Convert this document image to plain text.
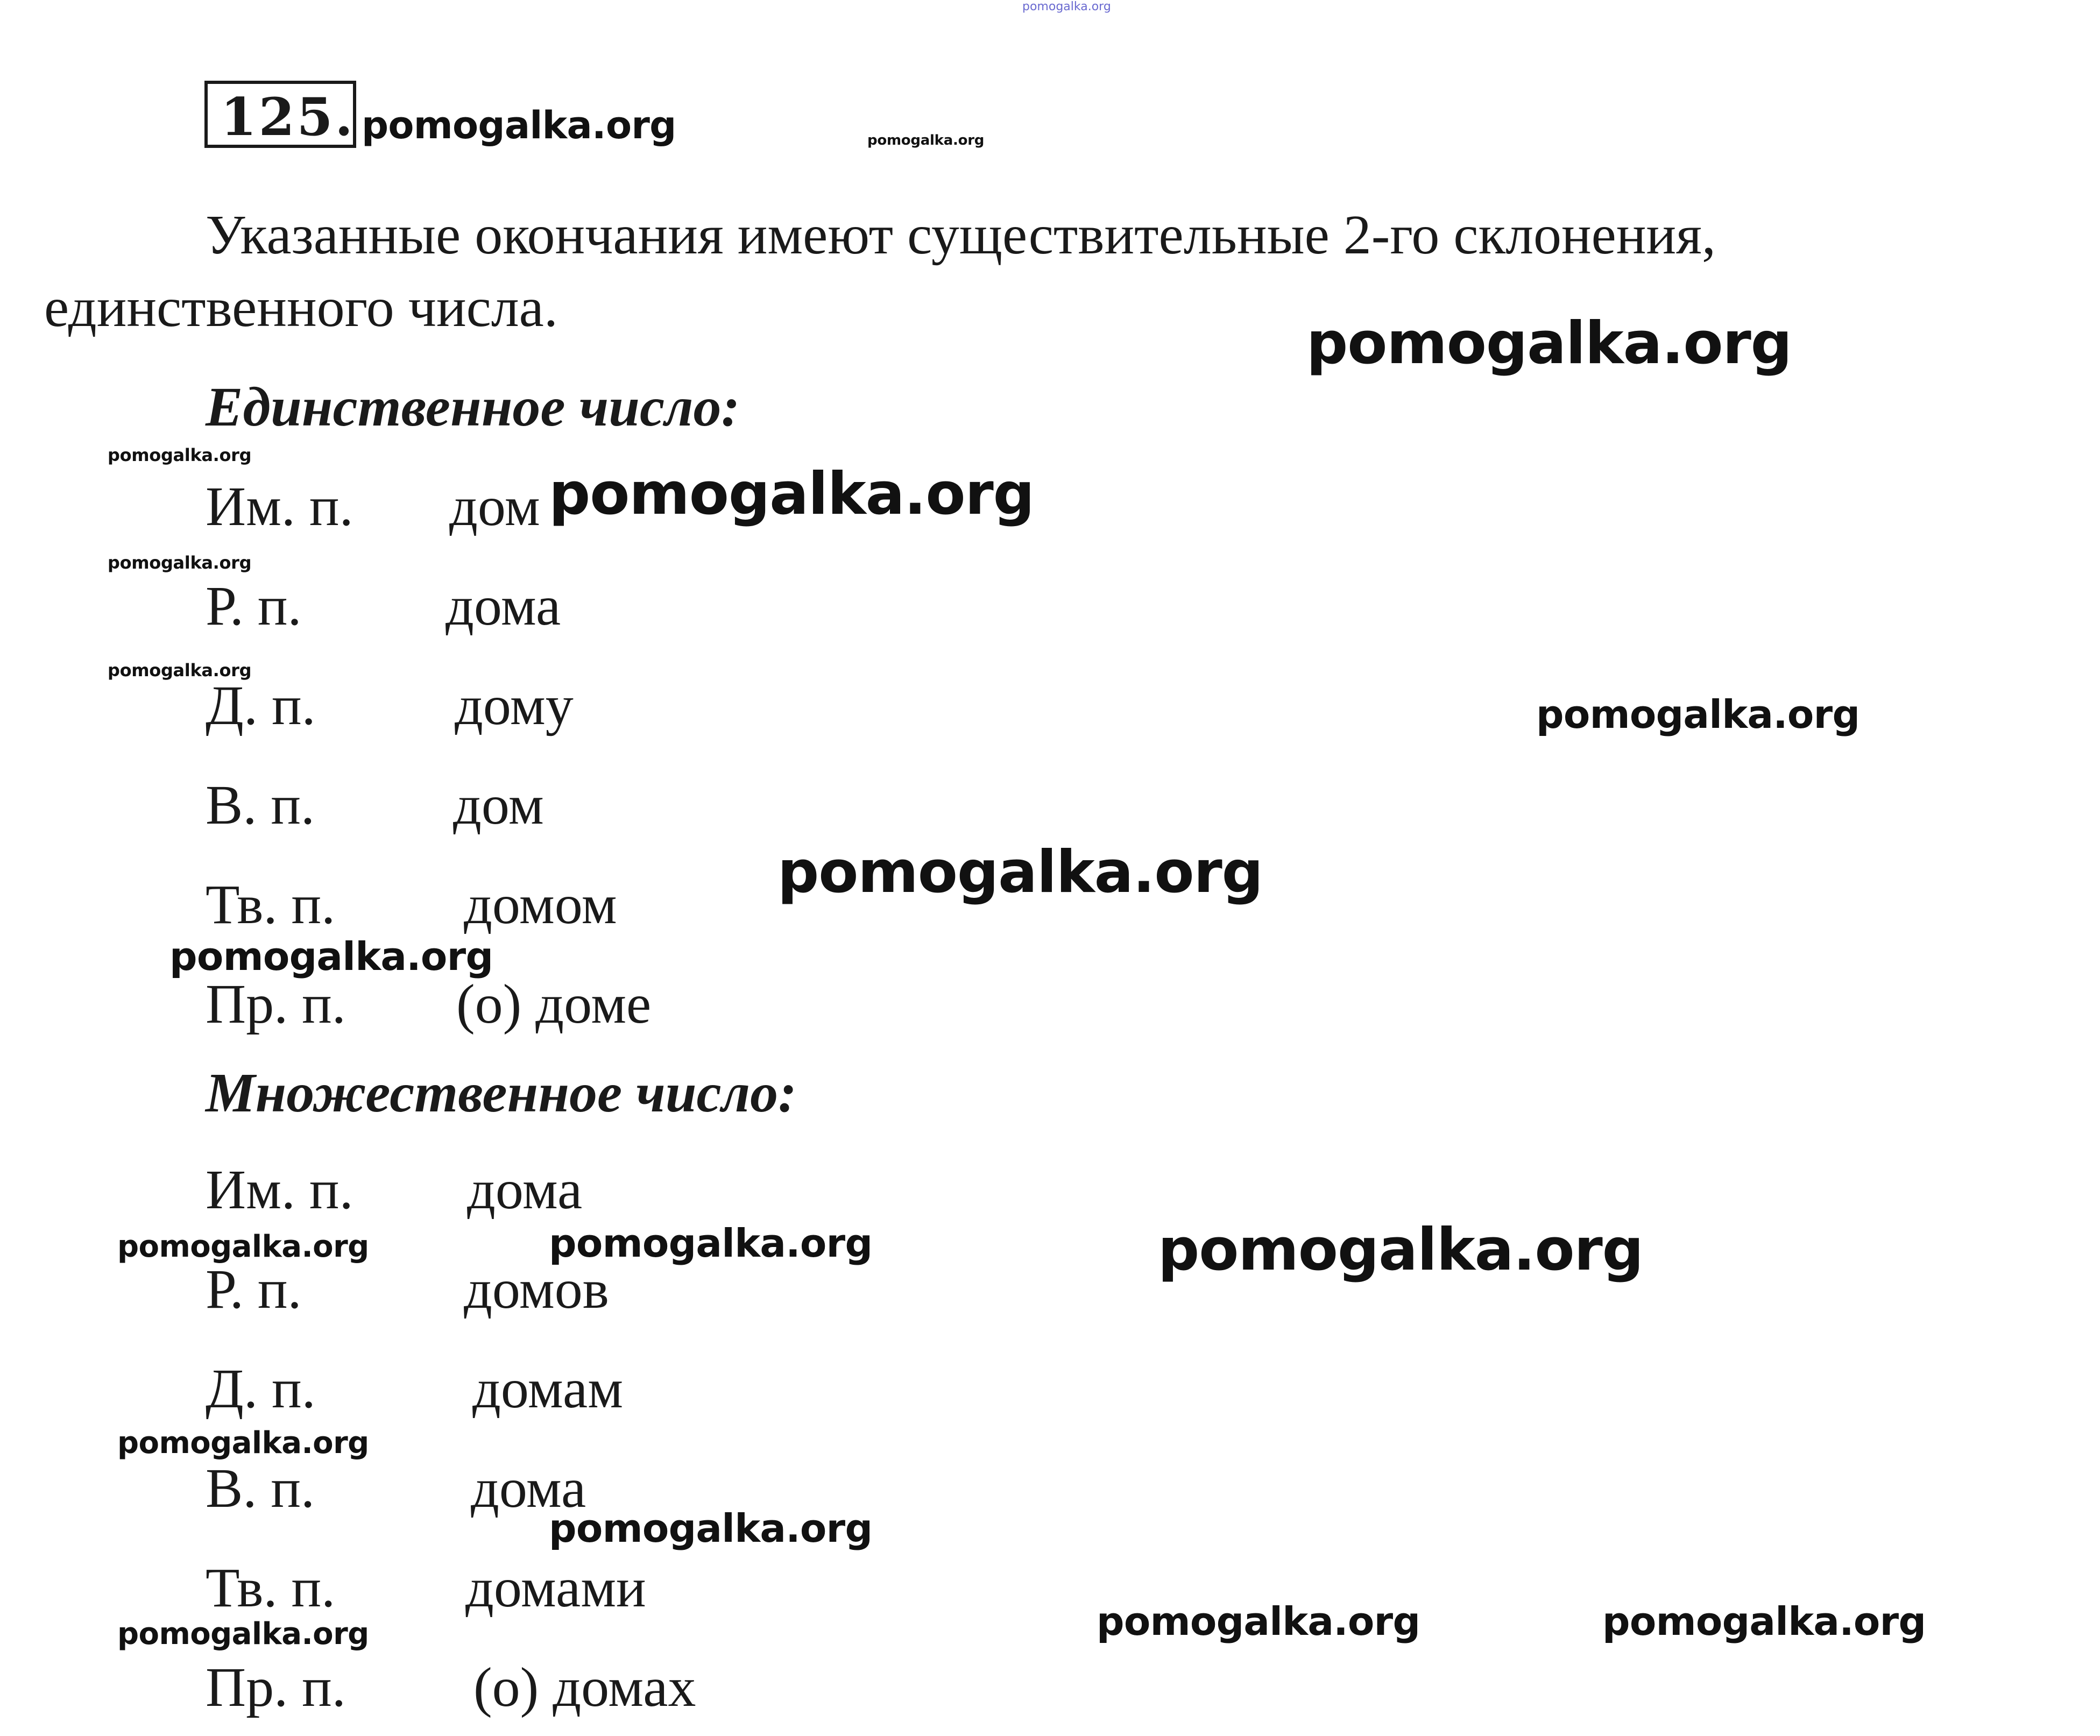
pomogalka.org
125.
Указанные окончания имеют существительные 2-го склонения,
единственного числа.
Единственное число:
Им. п. дом
Р. п.	дома
Д. п. дому
В. п. дом
Тв. п. домом
Пр. п. (о) доме
Множественное число:
Им. п. дома
Р. п.	домов
Д. п.	домам
В. п.	дома
Тв. п. домами
Пр. п. (о) домах
pomogalka.org	pomogalka.org
pomogalka.org
pomogalka.org
pomogalka.org
pomogalka.org
pomogalka.org
pomogalka.org
pomogalka.org
pomogalka.org
pomogalka.org
pomogalka.org
pomogalka.org
pomogalka.org
pomogalka.org
pomogalka.org	pomogalka.org	pomogalka.org
